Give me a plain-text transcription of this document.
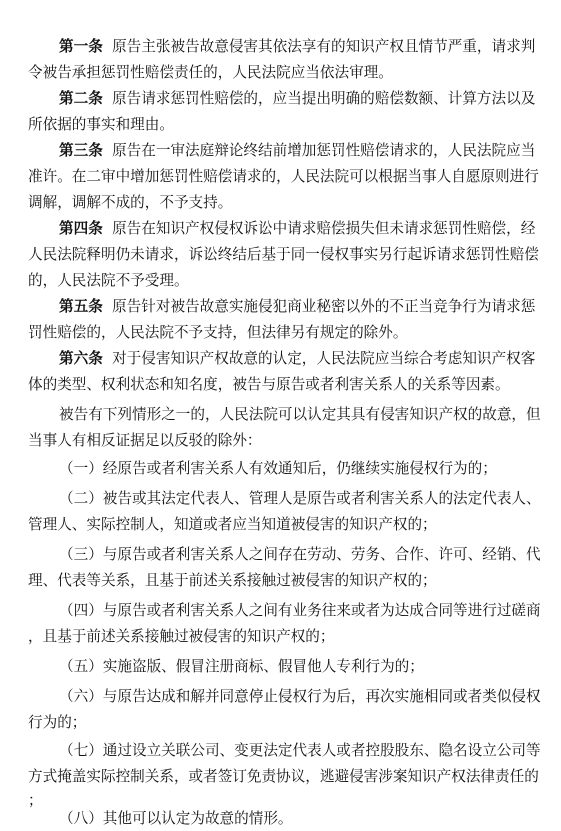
第一条 原告主张被告故意侵害其依法享有的知识产权且情节严重，请求判
令被告承担惩罚性赔偿责任的，人民法院应当依法审理。
第二条 原告请求惩罚性赔偿的，应当提出明确的赔偿数额、计算方法以及
所依据的事实和理由。
第三条 原告在一审法庭辩论终结前增加惩罚性赔偿请求的，人民法院应当
准许。在二审中增加惩罚性赔偿请求的，人民法院可以根据当事人自愿原则进行
调解，调解不成的，不予支持。
第四条 原告在知识产权侵权诉讼中请求赔偿损失但未请求惩罚性赔偿，经
人民法院释明仍未请求，诉讼终结后基于同一侵权事实另行起诉请求惩罚性赔偿
的，人民法院不予受理。
第五条 原告针对被告故意实施侵犯商业秘密以外的不正当竞争行为请求惩
罚性赔偿的，人民法院不予支持，但法律另有规定的除外。
第六条 对于侵害知识产权故意的认定，人民法院应当综合考虑知识产权客
体的类型、权利状态和知名度，被告与原告或者利害关系人的关系等因素。
被告有下列情形之一的，人民法院可以认定其具有侵害知识产权的故意，但
当事人有相反证据足以反驳的除外：
（一）经原告或者利害关系人有效通知后，仍继续实施侵权行为的；
（二）被告或其法定代表人、管理人是原告或者利害关系人的法定代表人、
管理人、实际控制人，知道或者应当知道被侵害的知识产权的；
（三）与原告或者利害关系人之间存在劳动、劳务、合作、许可、经销、代
理、代表等关系，且基于前述关系接触过被侵害的知识产权的；
（四）与原告或者利害关系人之间有业务往来或者为达成合同等进行过磋商
，且基于前述关系接触过被侵害的知识产权的；
（五）实施盗版、假冒注册商标、假冒他人专利行为的；
（六）与原告达成和解并同意停止侵权行为后，再次实施相同或者类似侵权
行为的；
（七）通过设立关联公司、变更法定代表人或者控股股东、隐名设立公司等
方式掩盖实际控制关系，或者签订免责协议，逃避侵害涉案知识产权法律责任的
；
（八）其他可以认定为故意的情形。
